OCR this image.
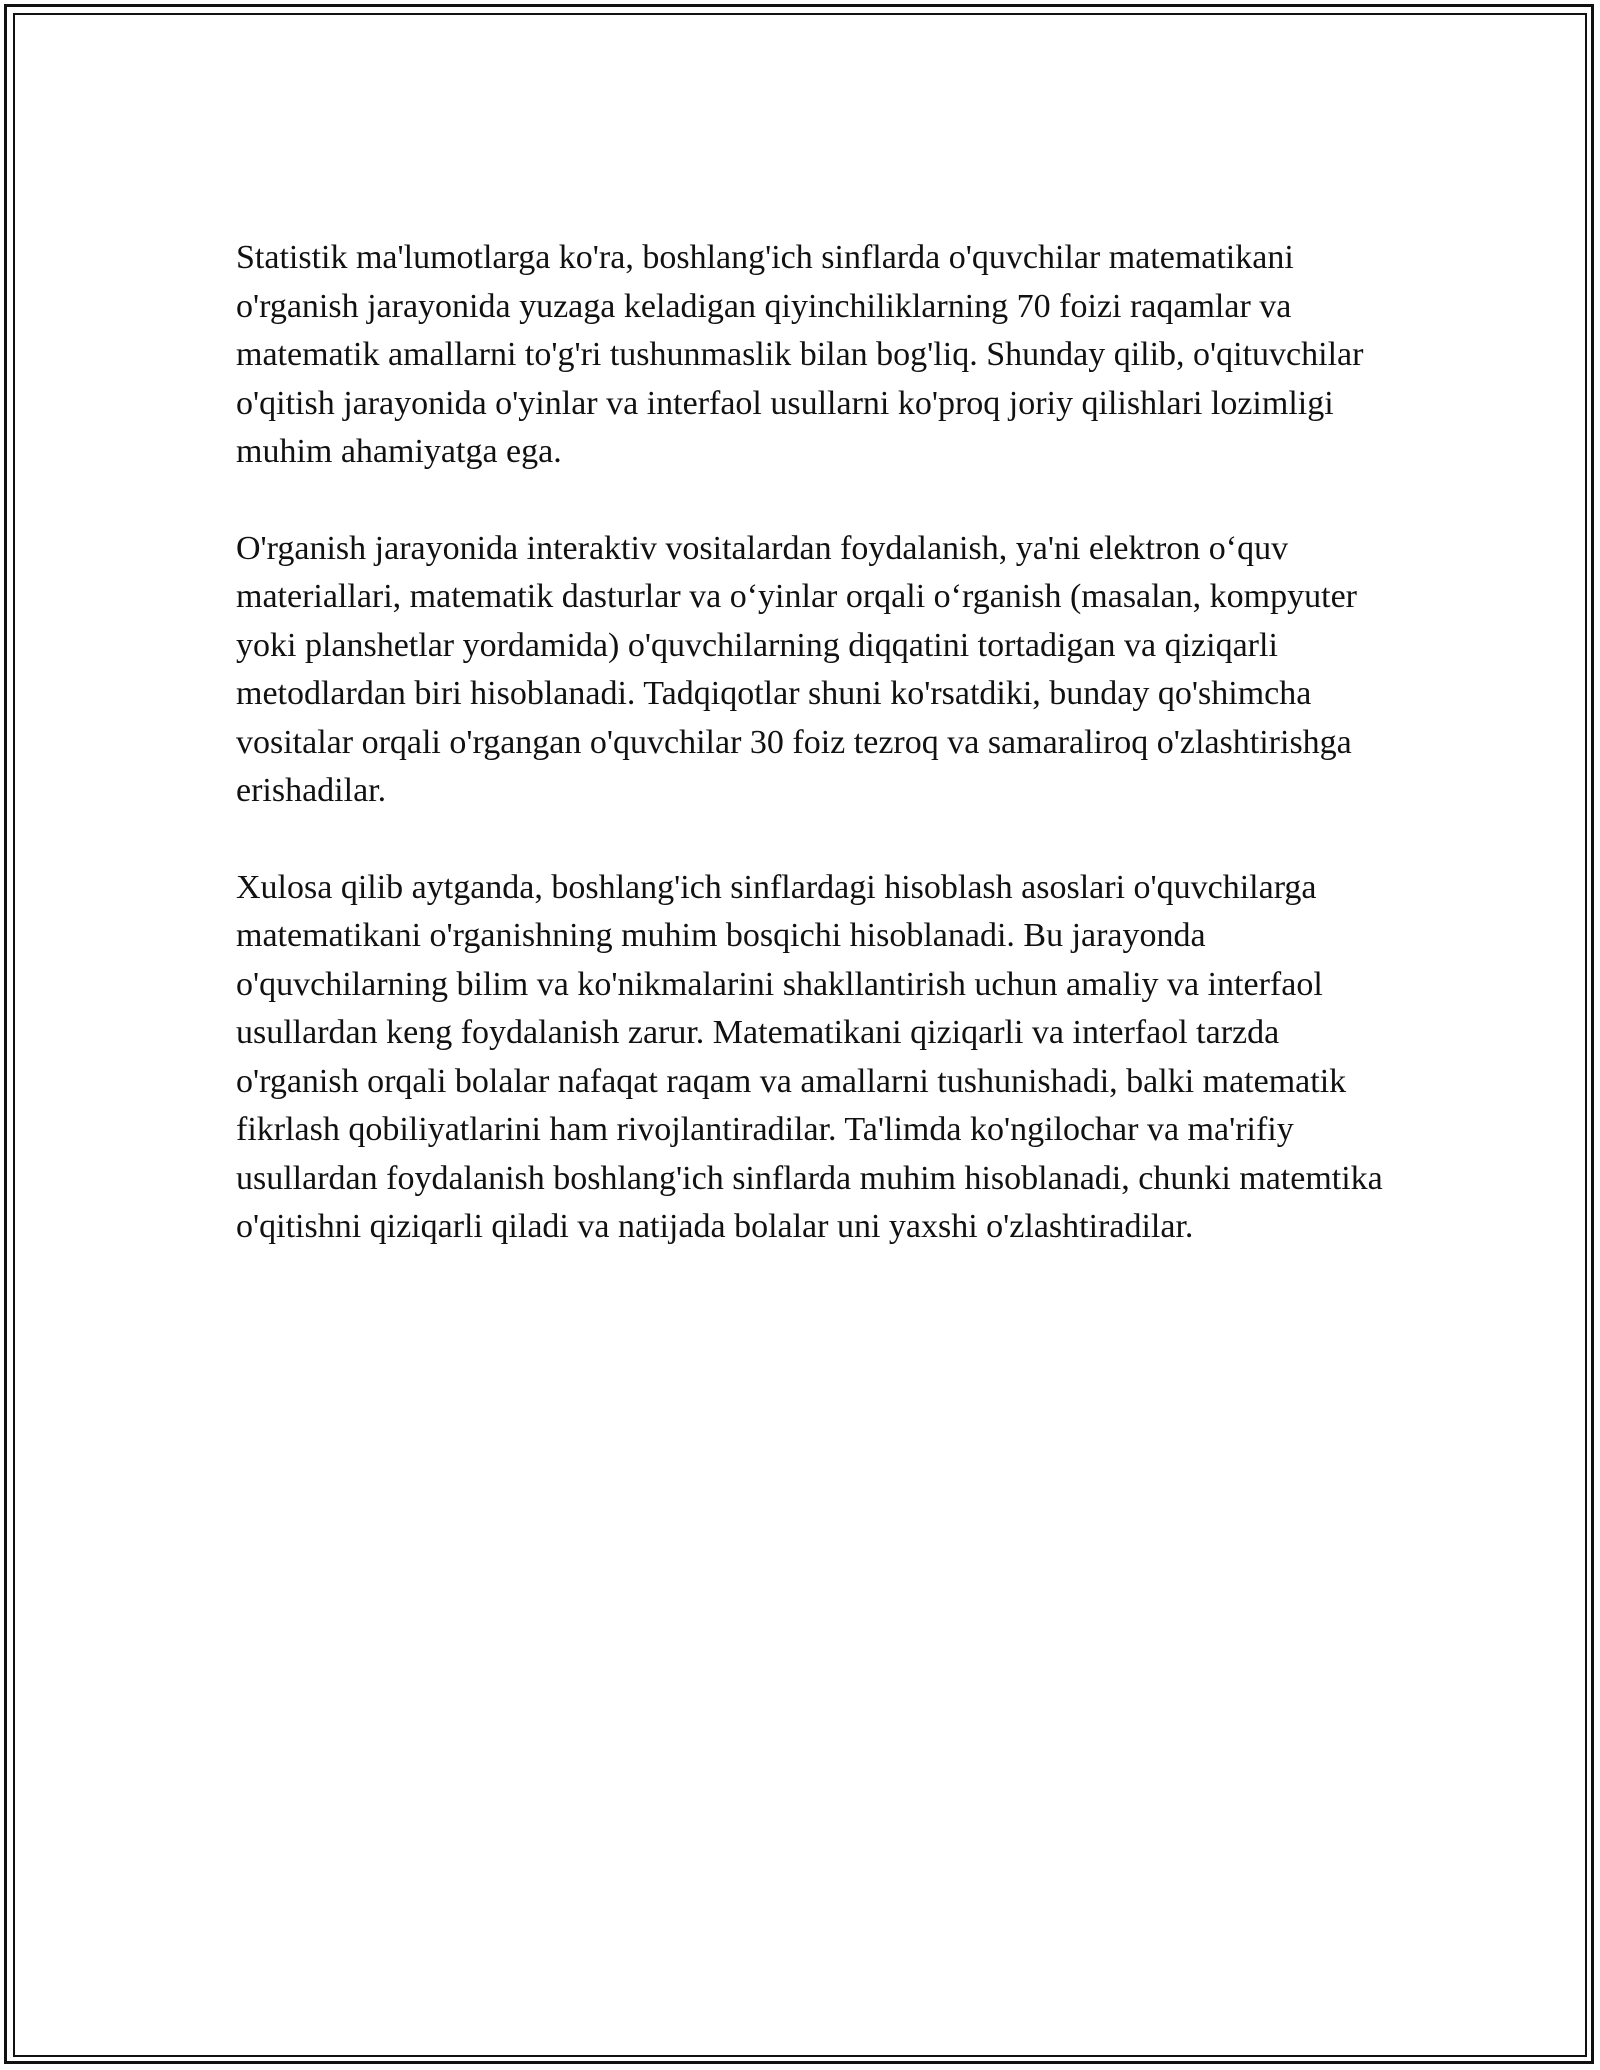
Statistik ma'lumotlarga ko'ra, boshlang'ich sinflarda o'quvchilar matematikani o'rganish jarayonida yuzaga keladigan qiyinchiliklarning 70 foizi raqamlar va matematik amallarni to'g'ri tushunmaslik bilan bog'liq. Shunday qilib, o'qituvchilar o'qitish jarayonida o'yinlar va interfaol usullarni ko'proq joriy qilishlari lozimligi muhim ahamiyatga ega.

O'rganish jarayonida interaktiv vositalardan foydalanish, ya'ni elektron o‘quv materiallari, matematik dasturlar va o‘yinlar orqali o‘rganish (masalan, kompyuter yoki planshetlar yordamida) o'quvchilarning diqqatini tortadigan va qiziqarli metodlardan biri hisoblanadi. Tadqiqotlar shuni ko'rsatdiki, bunday qo'shimcha vositalar orqali o'rgangan o'quvchilar 30 foiz tezroq va samaraliroq o'zlashtirishga erishadilar.

Xulosa qilib aytganda, boshlang'ich sinflardagi hisoblash asoslari o'quvchilarga matematikani o'rganishning muhim bosqichi hisoblanadi. Bu jarayonda o'quvchilarning bilim va ko'nikmalarini shakllantirish uchun amaliy va interfaol usullardan keng foydalanish zarur. Matematikani qiziqarli va interfaol tarzda o'rganish orqali bolalar nafaqat raqam va amallarni tushunishadi, balki matematik fikrlash qobiliyatlarini ham rivojlantiradilar. Ta'limda ko'ngilochar va ma'rifiy usullardan foydalanish boshlang'ich sinflarda muhim hisoblanadi, chunki matemtika o'qitishni qiziqarli qiladi va natijada bolalar uni yaxshi o'zlashtiradilar.
